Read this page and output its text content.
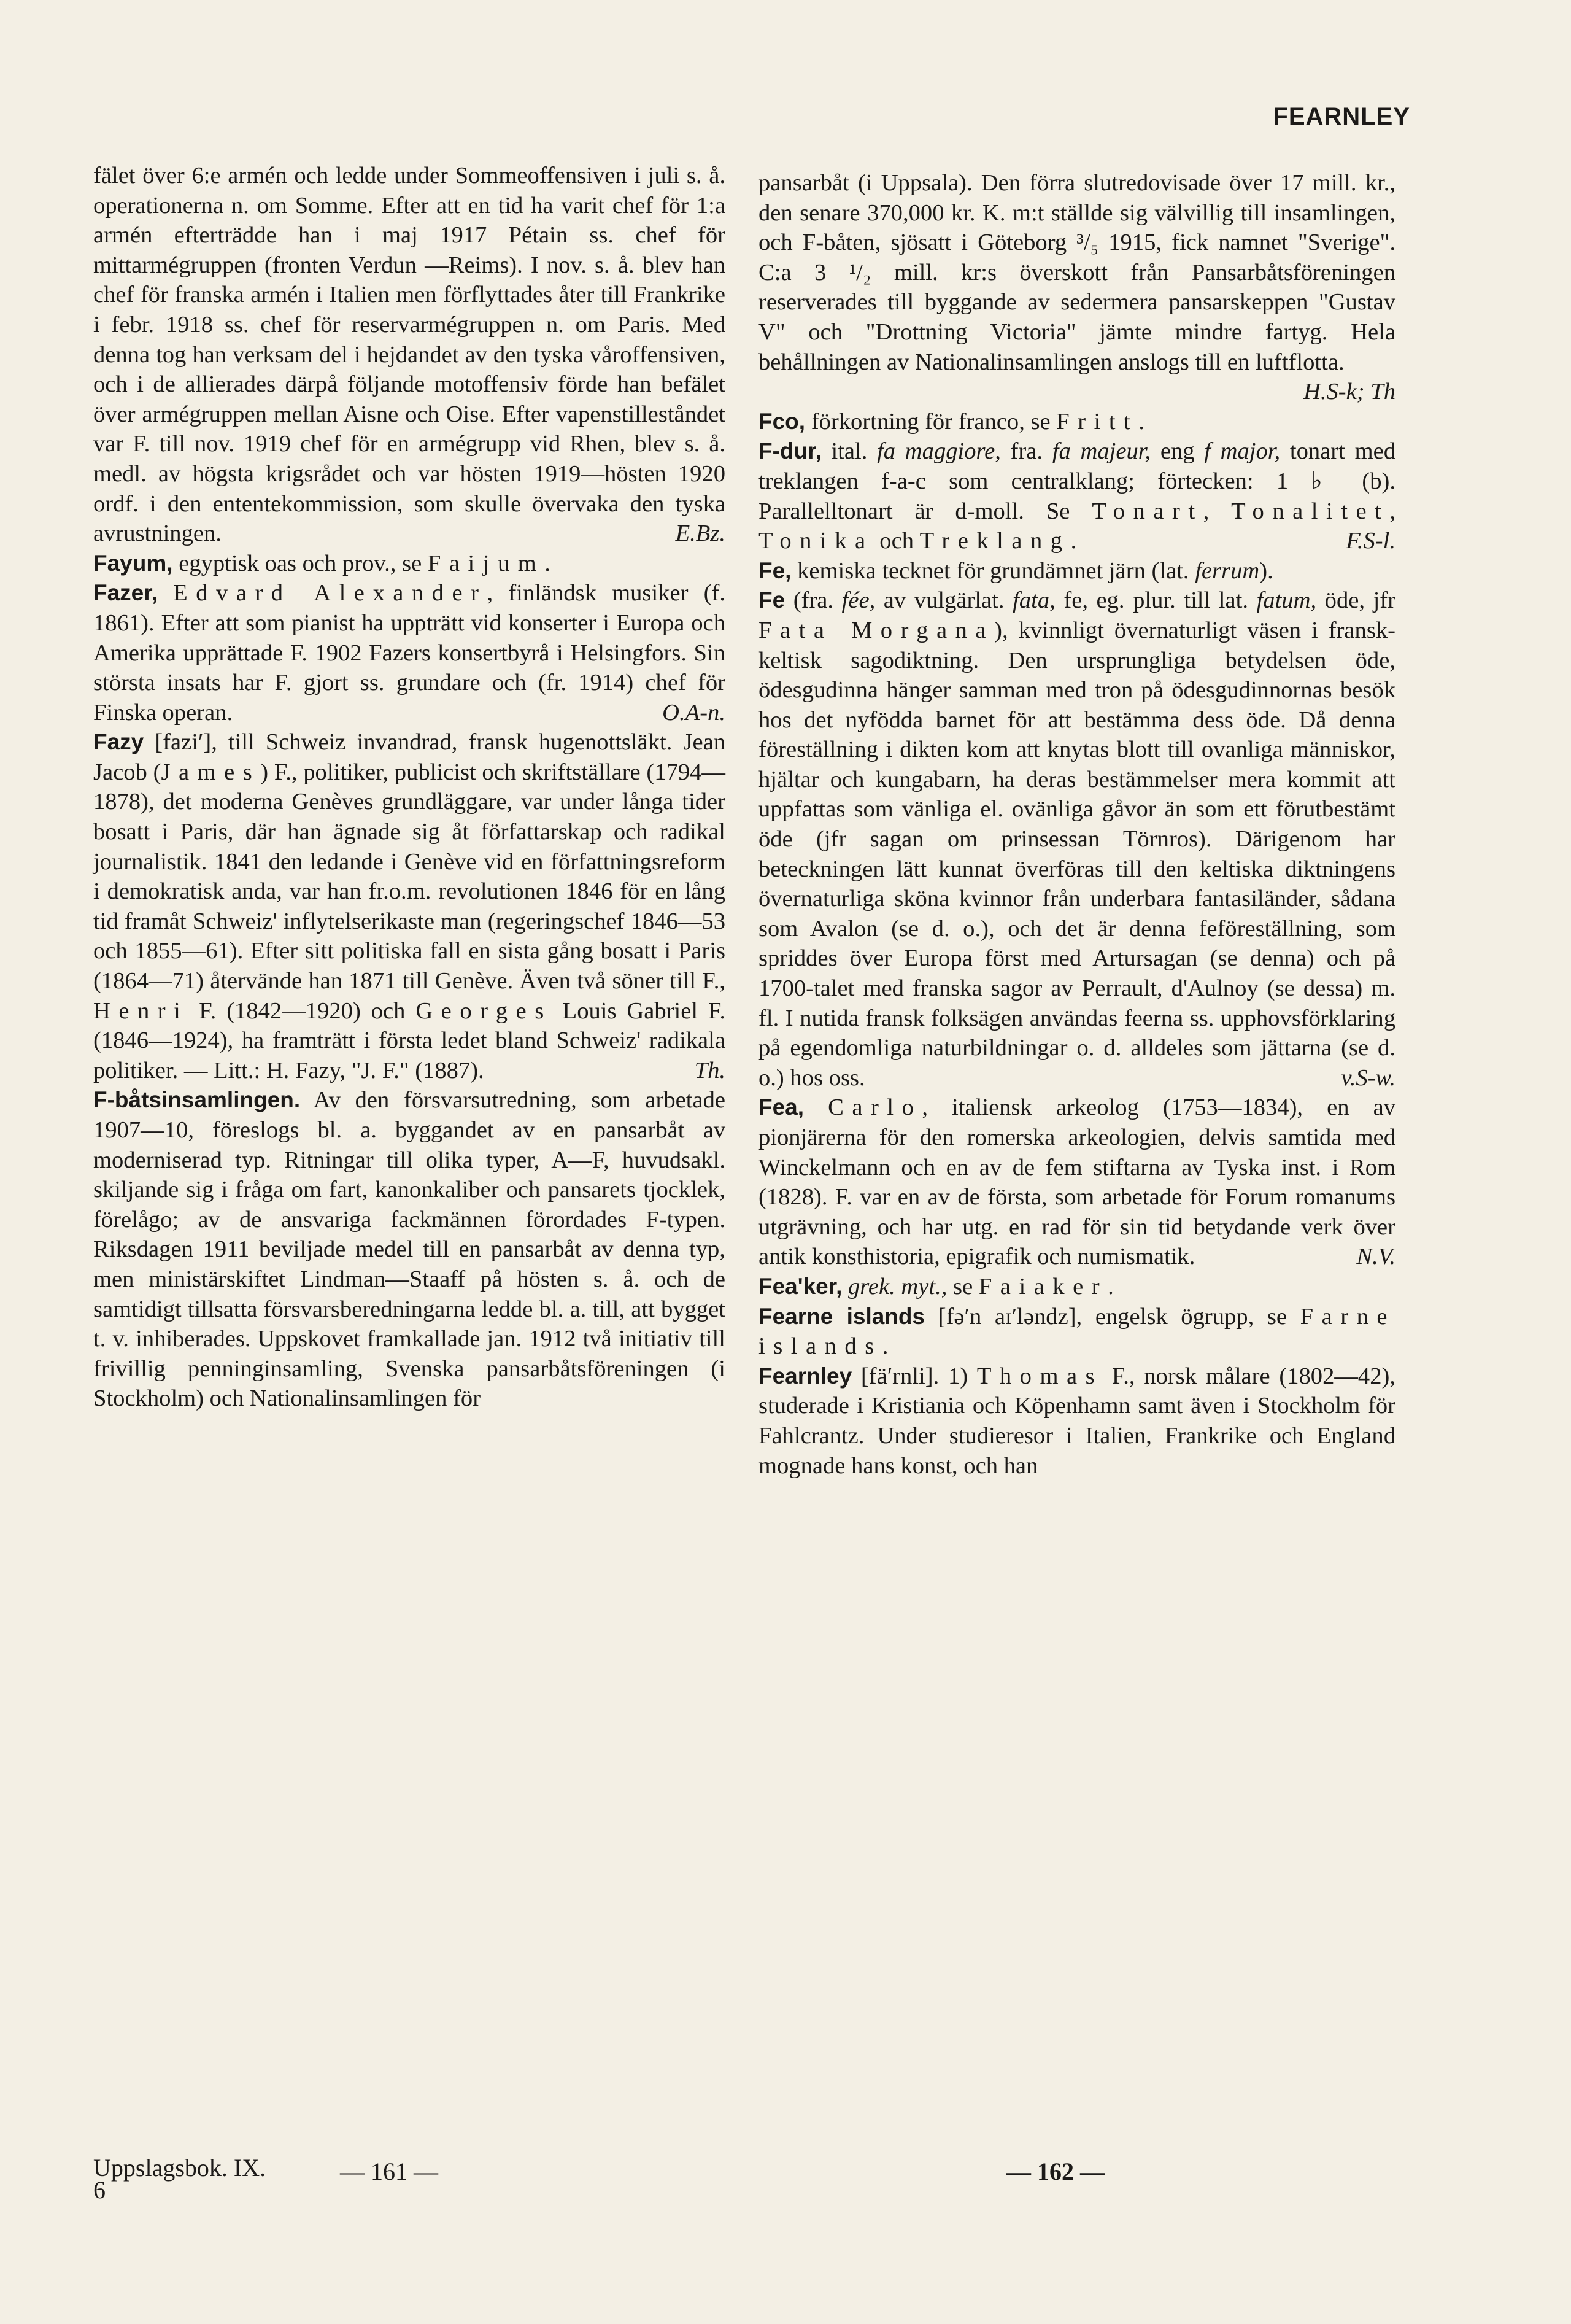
FEARNLEY

fälet över 6:e armén och ledde under Sommeoffensiven i juli s. å. operationerna n. om Somme. Efter att en tid ha varit chef för 1:a armén efterträdde han i maj 1917 Pétain ss. chef för mittarmégruppen (fronten Verdun —Reims). I nov. s. å. blev han chef för franska armén i Italien men förflyttades åter till Frankrike i febr. 1918 ss. chef för reservarmégruppen n. om Paris. Med denna tog han verksam del i hejdandet av den tyska våroffensiven, och i de allierades därpå följande motoffensiv förde han befälet över armégruppen mellan Aisne och Oise. Efter vapenstilleståndet var F. till nov. 1919 chef för en armégrupp vid Rhen, blev s. å. medl. av högsta krigsrådet och var hösten 1919—hösten 1920 ordf. i den ententekommission, som skulle övervaka den tyska avrustningen.	E.Bz.

Fayum, egyptisk oas och prov., se Faijum.

Fazer, Edvard Alexander, finländsk musiker (f. 1861). Efter att som pianist ha uppträtt vid konserter i Europa och Amerika upprättade F. 1902 Fazers konsertbyrå i Helsingfors. Sin största insats har F. gjort ss. grundare och (fr. 1914) chef för Finska operan.	O.A-n.

Fazy [fazi′], till Schweiz invandrad, fransk hugenottsläkt. Jean Jacob (James) F., politiker, publicist och skriftställare (1794—1878), det moderna Genèves grundläggare, var under långa tider bosatt i Paris, där han ägnade sig åt författarskap och radikal journalistik. 1841 den ledande i Genève vid en författningsreform i demokratisk anda, var han fr.o.m. revolutionen 1846 för en lång tid framåt Schweiz' inflytelserikaste man (regeringschef 1846—53 och 1855—61). Efter sitt politiska fall en sista gång bosatt i Paris (1864—71) återvände han 1871 till Genève. Även två söner till F., Henri F. (1842—1920) och Georges Louis Gabriel F. (1846—1924), ha framträtt i första ledet bland Schweiz' radikala politiker. — Litt.: H. Fazy, "J. F." (1887).	Th.

F-båtsinsamlingen. Av den försvarsutredning, som arbetade 1907—10, föreslogs bl. a. byggandet av en pansarbåt av moderniserad typ. Ritningar till olika typer, A—F, huvudsakl. skiljande sig i fråga om fart, kanonkaliber och pansarets tjocklek, förelågo; av de ansvariga fackmännen förordades F-typen. Riksdagen 1911 beviljade medel till en pansarbåt av denna typ, men ministärskiftet Lindman—Staaff på hösten s. å. och de samtidigt tillsatta försvarsberedningarna ledde bl. a. till, att bygget t. v. inhiberades. Uppskovet framkallade jan. 1912 två initiativ till frivillig penninginsamling, Svenska pansarbåtsföreningen (i Stockholm) och Nationalinsamlingen för

pansarbåt (i Uppsala). Den förra slutredovisade över 17 mill. kr., den senare 370,000 kr. K. m:t ställde sig välvillig till insamlingen, och F-båten, sjösatt i Göteborg ³/₅ 1915, fick namnet "Sverige". C:a 3 ¹/₂ mill. kr:s överskott från Pansarbåtsföreningen reserverades till byggande av sedermera pansarskeppen "Gustav V" och "Drottning Victoria" jämte mindre fartyg. Hela behållningen av Nationalinsamlingen anslogs till en luftflotta.
H.S-k; Th

Fco, förkortning för franco, se Fritt.

F-dur, ital. fa maggiore, fra. fa majeur, eng f major, tonart med treklangen f-a-c som centralklang; förtecken: 1 ♭ (b). Parallelltonart är d-moll. Se Tonart, Tonalitet, Tonika och Treklang.	F.S-l.

Fe, kemiska tecknet för grundämnet järn (lat. ferrum).

Fe (fra. fée, av vulgärlat. fata, fe, eg. plur. till lat. fatum, öde, jfr Fata Morgana), kvinnligt övernaturligt väsen i fransk-keltisk sagodiktning. Den ursprungliga betydelsen öde, ödesgudinna hänger samman med tron på ödesgudinnornas besök hos det nyfödda barnet för att bestämma dess öde. Då denna föreställning i dikten kom att knytas blott till ovanliga människor, hjältar och kungabarn, ha deras bestämmelser mera kommit att uppfattas som vänliga el. ovänliga gåvor än som ett förutbestämt öde (jfr sagan om prinsessan Törnros). Därigenom har beteckningen lätt kunnat överföras till den keltiska diktningens övernaturliga sköna kvinnor från underbara fantasiländer, sådana som Avalon (se d. o.), och det är denna feföreställning, som spriddes över Europa först med Artursagan (se denna) och på 1700-talet med franska sagor av Perrault, d'Aulnoy (se dessa) m. fl. I nutida fransk folksägen användas feerna ss. upphovsförklaring på egendomliga naturbildningar o. d. alldeles som jättarna (se d. o.) hos oss.	v.S-w.

Fea, Carlo, italiensk arkeolog (1753—1834), en av pionjärerna för den romerska arkeologien, delvis samtida med Winckelmann och en av de fem stiftarna av Tyska inst. i Rom (1828). F. var en av de första, som arbetade för Forum romanums utgrävning, och har utg. en rad för sin tid betydande verk över antik konsthistoria, epigrafik och numismatik.	N.V.

Fea'ker, grek. myt., se Faiaker.

Fearne islands [fə′n aɪ′ləndz], engelsk ögrupp, se Farne islands.

Fearnley [fä′rnli]. 1) Thomas F., norsk målare (1802—42), studerade i Kristiania och Köpenhamn samt även i Stockholm för Fahlcrantz. Under studieresor i Italien, Frankrike och England mognade hans konst, och han

Uppslagsbok. IX.
6
— 161 —	— 162 —
